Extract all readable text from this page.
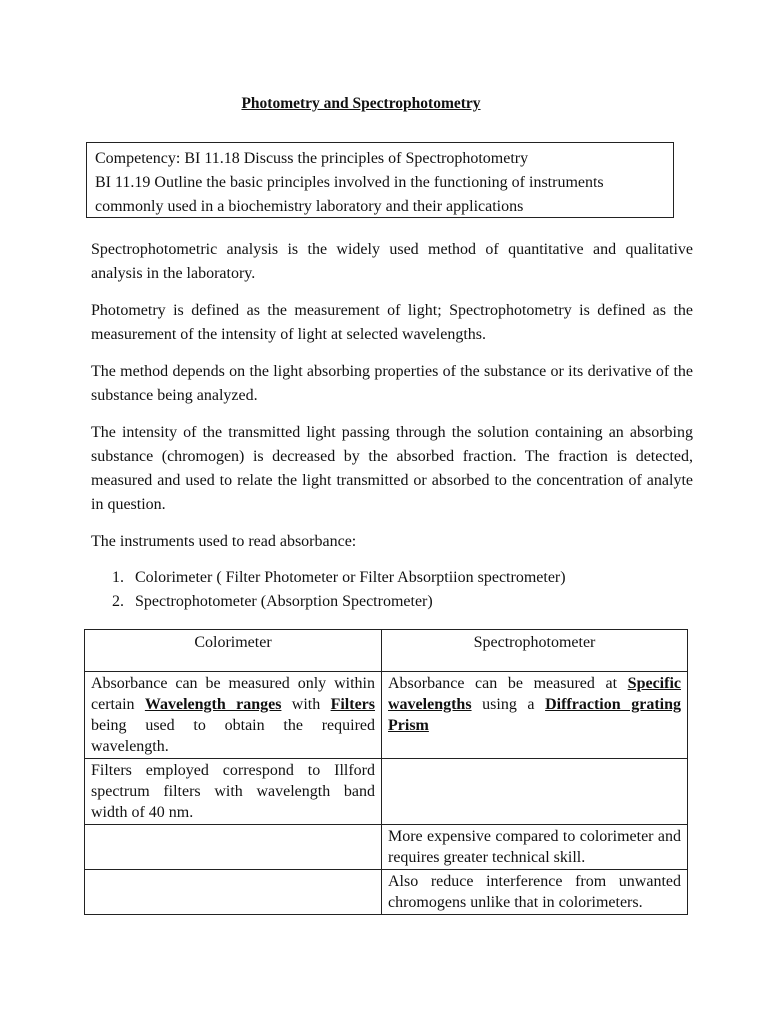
Photometry and Spectrophotometry

Competency: BI 11.18 Discuss the principles of Spectrophotometry

BI 11.19 Outline the basic principles involved in the functioning of instruments

commonly used in a biochemistry laboratory and their applications

Spectrophotometric analysis is the widely used method of quantitative and qualitative analysis in the laboratory.

Photometry is defined as the measurement of light; Spectrophotometry is defined as the measurement of the intensity of light at selected wavelengths.

The method depends on the light absorbing properties of the substance or its derivative of the substance being analyzed.

The intensity of the transmitted light passing through the solution containing an absorbing substance (chromogen) is decreased by the absorbed fraction. The fraction is detected, measured and used to relate the light transmitted or absorbed to the concentration of analyte in question.

The instruments used to read absorbance:

1. Colorimeter ( Filter Photometer or Filter Absorptiion spectrometer)
2. Spectrophotometer (Absorption Spectrometer)
Colorimeter	Spectrophotometer
Absorbance can be measured only within certain Wavelength ranges with Filters being used to obtain the required wavelength.	Absorbance can be measured at Specific wavelengths using a Diffraction grating Prism
Filters employed correspond to Illford spectrum filters with wavelength band width of 40 nm.	
	More expensive compared to colorimeter and requires greater technical skill.
	Also reduce interference from unwanted chromogens unlike that in colorimeters.
